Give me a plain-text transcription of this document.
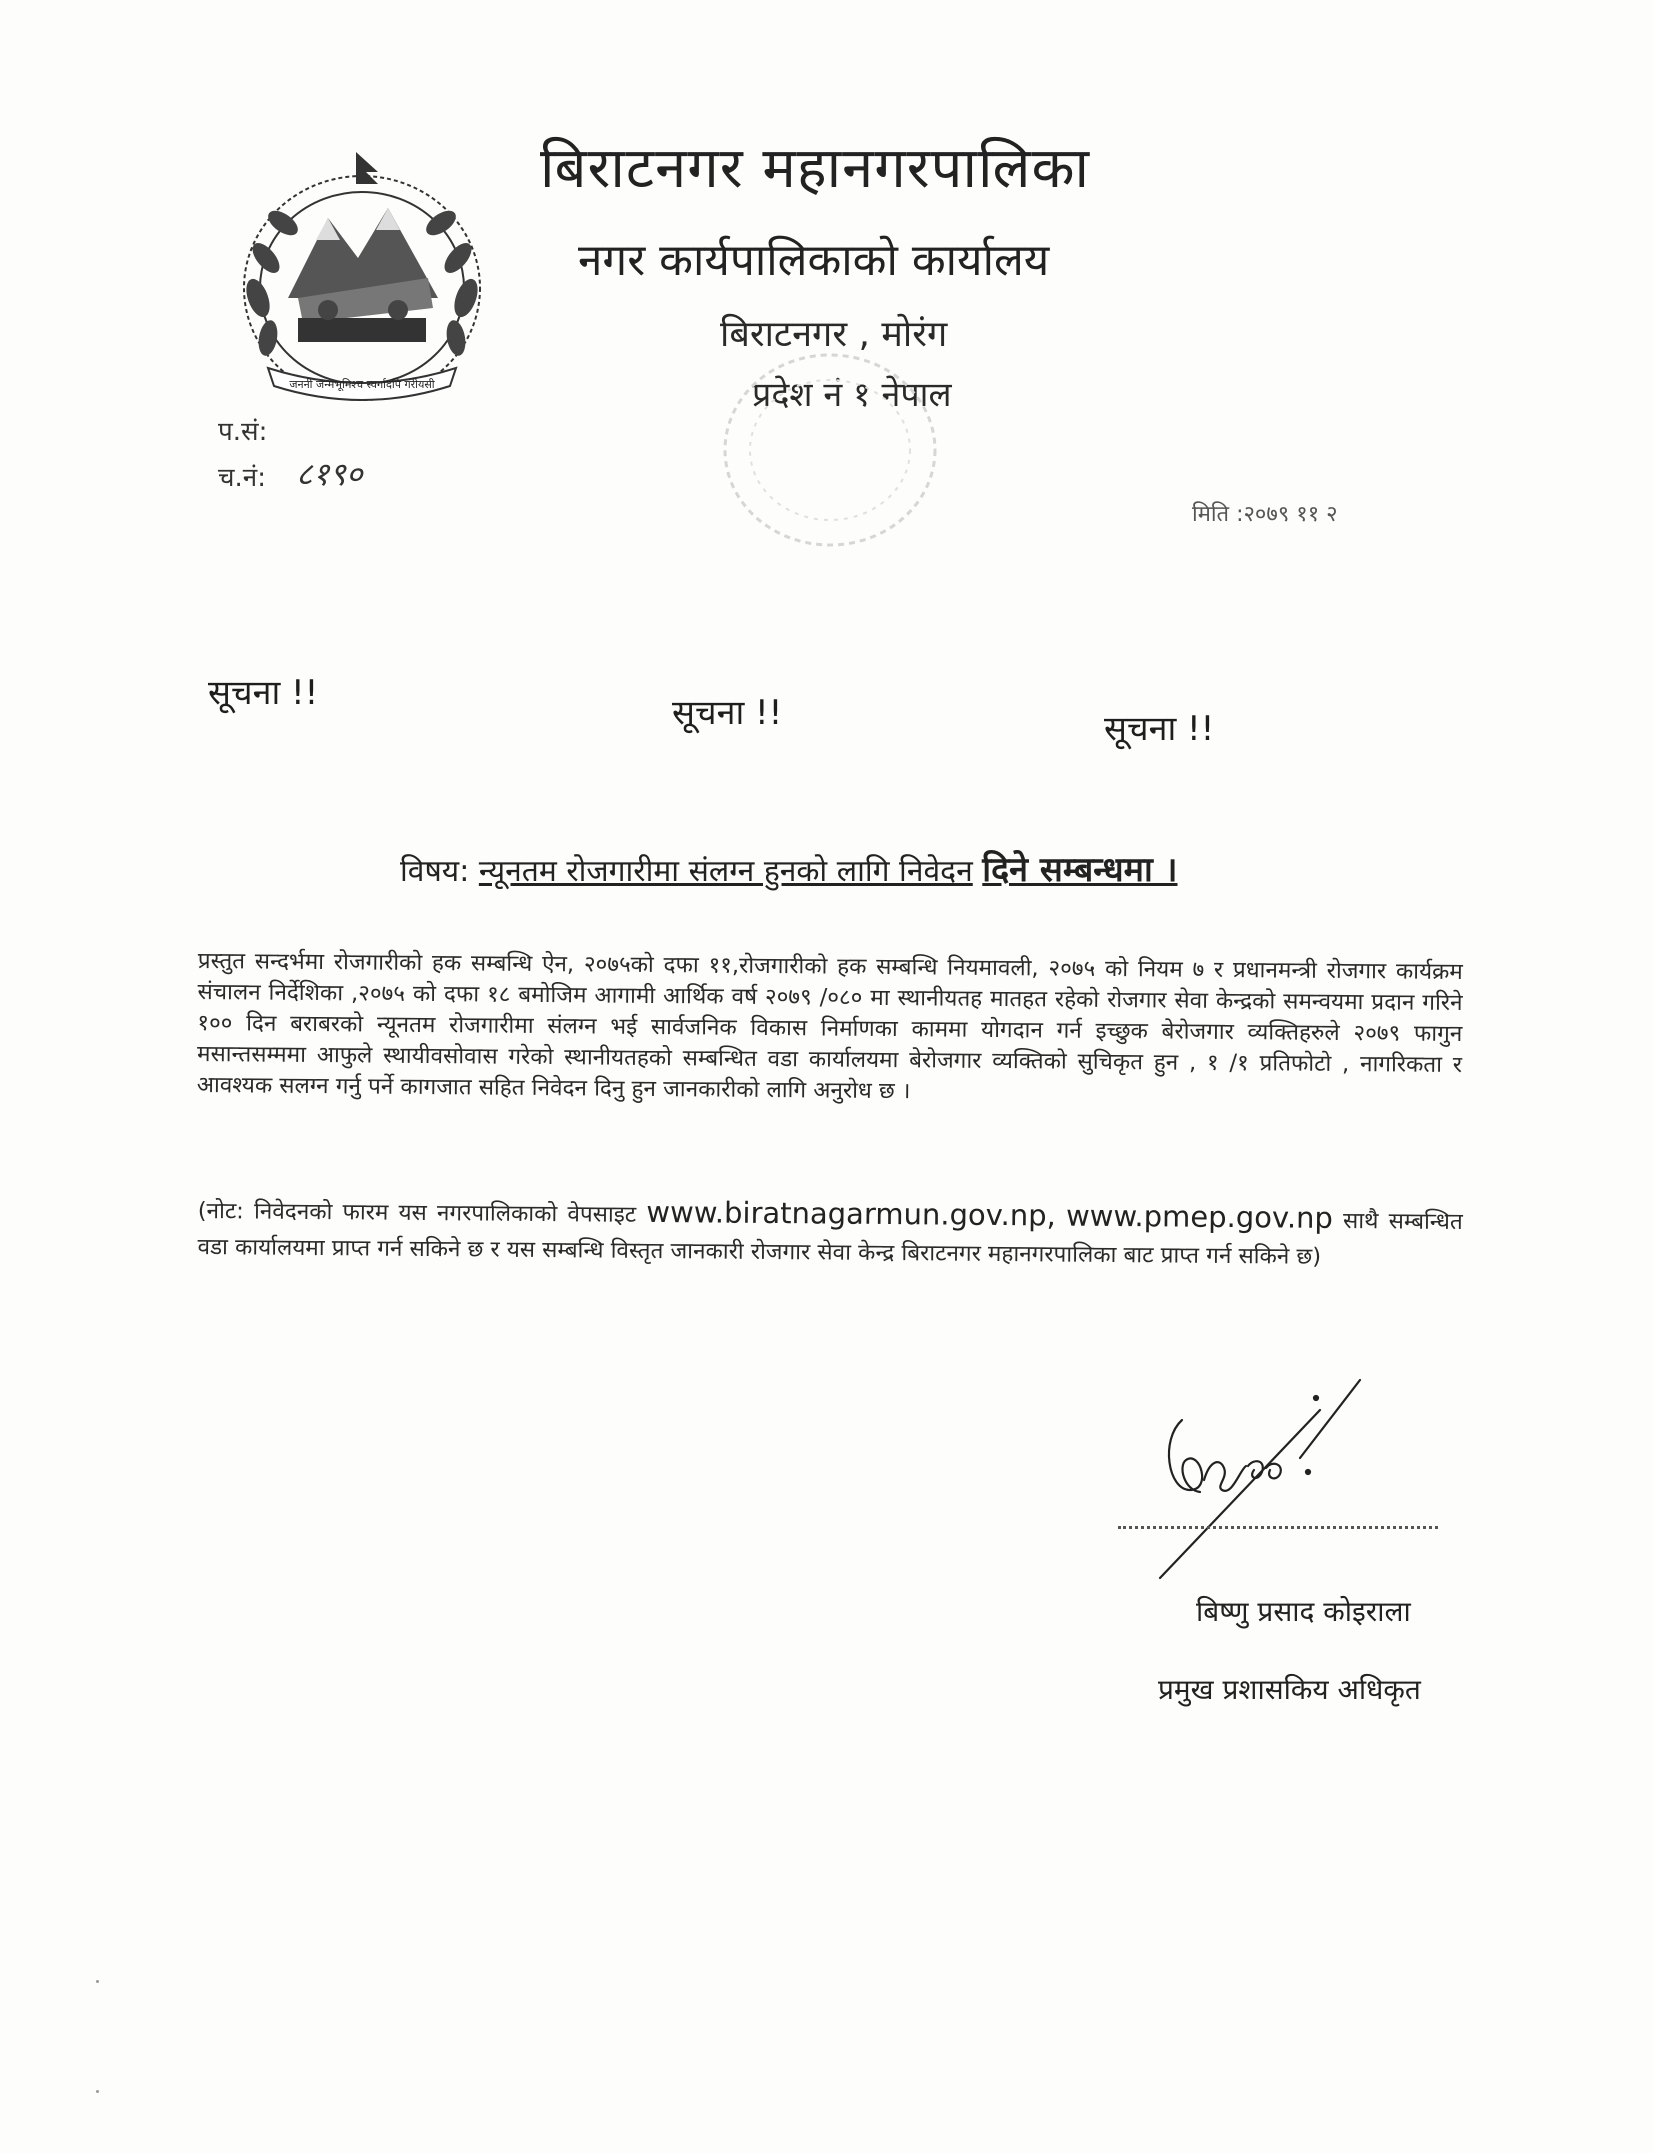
जननी जन्मभूमिश्च स्वर्गादपि गरीयसी
बिराटनगर महानगरपालिका
नगर कार्यपालिकाको कार्यालय
बिराटनगर , मोरंग
प्रदेश नं १ नेपाल
प.सं:
च.नं: ८१९०
मिति :२०७९ ११ २
सूचना !!	सूचना !!	सूचना !!
विषय: न्यूनतम रोजगारीमा संलग्न हुनको लागि निवेदन दिने सम्बन्धमा ।
प्रस्तुत सन्दर्भमा रोजगारीको हक सम्बन्धि ऐन, २०७५को दफा ११,रोजगारीको हक सम्बन्धि नियमावली, २०७५ को नियम ७ र प्रधानमन्त्री रोजगार कार्यक्रम संचालन निर्देशिका ,२०७५ को दफा १८ बमोजिम आगामी आर्थिक वर्ष २०७९ /०८० मा स्थानीयतह मातहत रहेको रोजगार सेवा केन्द्रको समन्वयमा प्रदान गरिने १०० दिन बराबरको न्यूनतम रोजगारीमा संलग्न भई सार्वजनिक विकास निर्माणका काममा योगदान गर्न इच्छुक बेरोजगार व्यक्तिहरुले २०७९ फागुन मसान्तसम्ममा आफुले स्थायीवसोवास गरेको स्थानीयतहको सम्बन्धित वडा कार्यालयमा बेरोजगार व्यक्तिको सुचिकृत हुन , १ /१ प्रतिफोटो , नागरिकता र आवश्यक सलग्न गर्नु पर्ने कागजात सहित निवेदन दिनु हुन जानकारीको लागि अनुरोध छ ।
(नोट: निवेदनको फारम यस नगरपालिकाको वेपसाइट www.biratnagarmun.gov.np, www.pmep.gov.np साथै सम्बन्धित वडा कार्यालयमा प्राप्त गर्न सकिने छ र यस सम्बन्धि विस्तृत जानकारी रोजगार सेवा केन्द्र बिराटनगर महानगरपालिका बाट प्राप्त गर्न सकिने छ)
बिष्णु प्रसाद कोइराला
प्रमुख प्रशासकिय अधिकृत
